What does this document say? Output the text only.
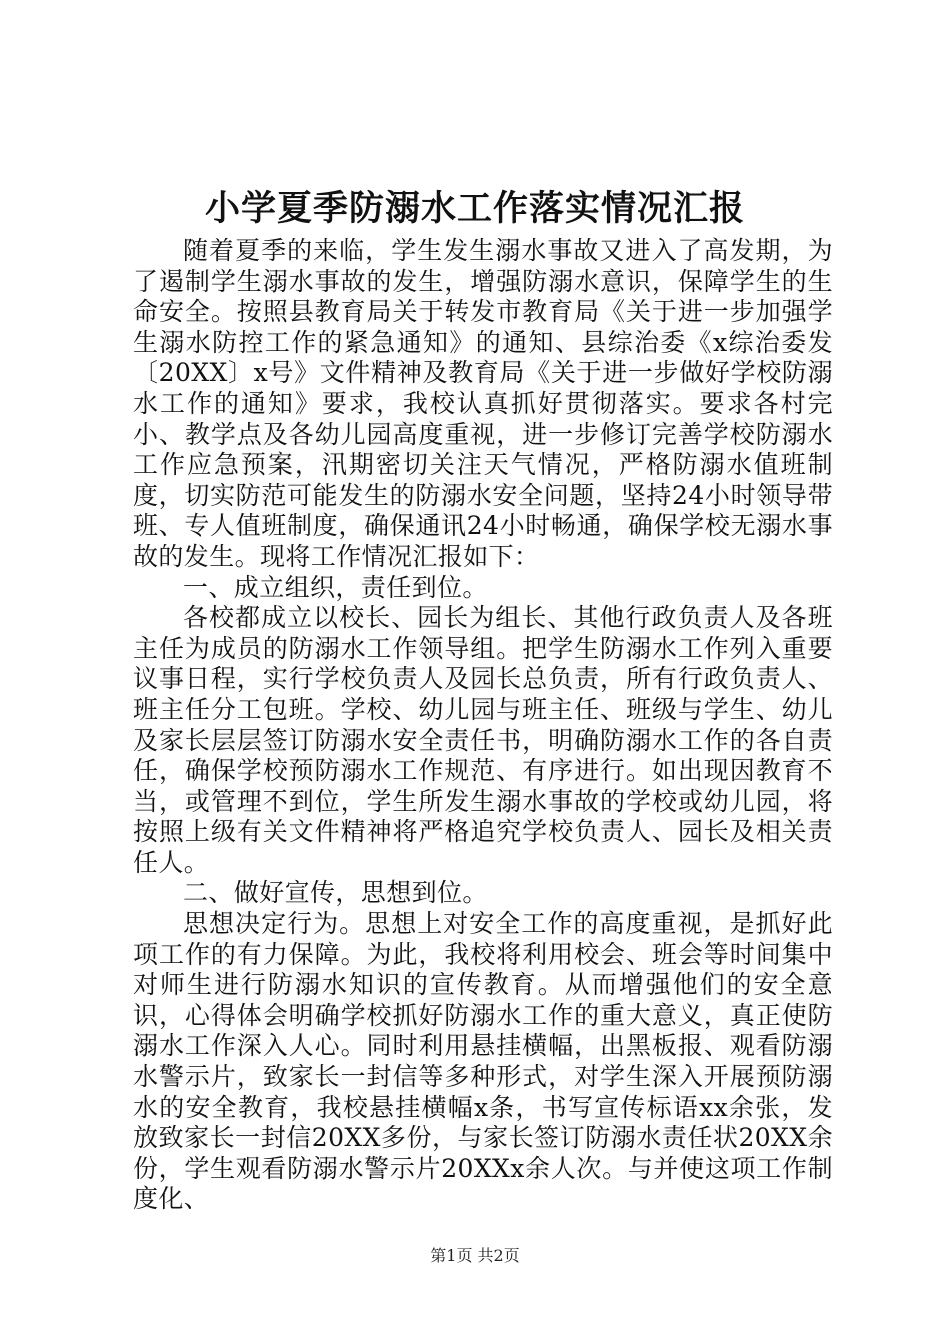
小学夏季防溺水工作落实情况汇报

随着夏季的来临，学生发生溺水事故又进入了高发期，为了遏制学生溺水事故的发生，增强防溺水意识，保障学生的生命安全。按照县教育局关于转发市教育局《关于进一步加强学生溺水防控工作的紧急通知》的通知、县综治委《x综治委发〔20XX〕x号》文件精神及教育局《关于进一步做好学校防溺水工作的通知》要求，我校认真抓好贯彻落实。要求各村完小、教学点及各幼儿园高度重视，进一步修订完善学校防溺水工作应急预案，汛期密切关注天气情况，严格防溺水值班制度，切实防范可能发生的防溺水安全问题，坚持24小时领导带班、专人值班制度，确保通讯24小时畅通，确保学校无溺水事故的发生。现将工作情况汇报如下：

一、成立组织，责任到位。

各校都成立以校长、园长为组长、其他行政负责人及各班主任为成员的防溺水工作领导组。把学生防溺水工作列入重要议事日程，实行学校负责人及园长总负责，所有行政负责人、班主任分工包班。学校、幼儿园与班主任、班级与学生、幼儿及家长层层签订防溺水安全责任书，明确防溺水工作的各自责任，确保学校预防溺水工作规范、有序进行。如出现因教育不当，或管理不到位，学生所发生溺水事故的学校或幼儿园，将按照上级有关文件精神将严格追究学校负责人、园长及相关责任人。

二、做好宣传，思想到位。

思想决定行为。思想上对安全工作的高度重视，是抓好此项工作的有力保障。为此，我校将利用校会、班会等时间集中对师生进行防溺水知识的宣传教育。从而增强他们的安全意识，心得体会明确学校抓好防溺水工作的重大意义，真正使防溺水工作深入人心。同时利用悬挂横幅，出黑板报、观看防溺水警示片，致家长一封信等多种形式，对学生深入开展预防溺水的安全教育，我校悬挂横幅x条，书写宣传标语xx余张，发放致家长一封信20XX多份，与家长签订防溺水责任状20XX余份，学生观看防溺水警示片20XXx余人次。与并使这项工作制度化、

第1页 共2页
